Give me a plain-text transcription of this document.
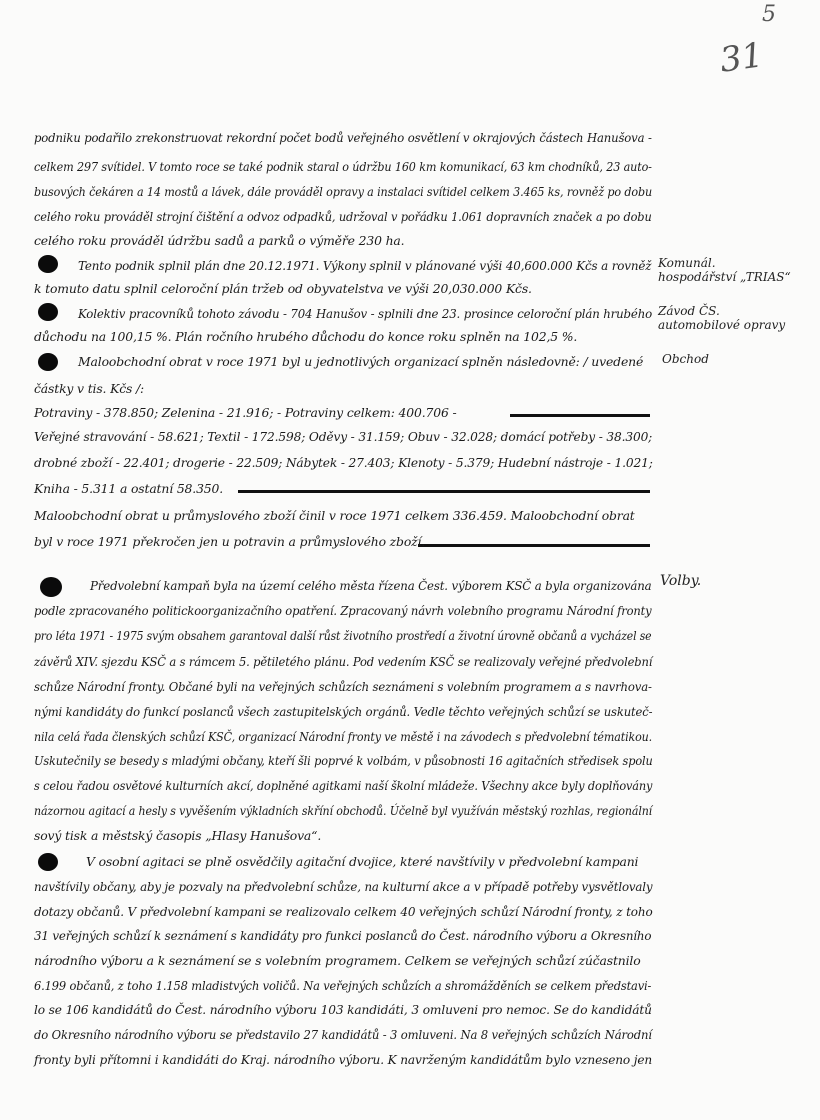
5
31
Komunál.
hospodářství „TRIAS“
Závod ČS.
automobilové opravy
Obchod
Volby.
podniku podařilo zrekonstruovat rekordní počet bodů veřejného osvětlení v okrajových částech Hanušova -
celkem 297 svítidel. V tomto roce se také podnik staral o údržbu 160 km komunikací, 63 km chodníků, 23 auto-
busových čekáren a 14 mostů a lávek, dále prováděl opravy a instalaci svítidel celkem 3.465 ks, rovněž po dobu
celého roku prováděl strojní čištění a odvoz odpadků, udržoval v pořádku 1.061 dopravních značek a po dobu
celého roku prováděl údržbu sadů a parků o výměře 230 ha.
Tento podnik splnil plán dne 20.12.1971. Výkony splnil v plánované výši 40,600.000 Kčs a rovněž
k tomuto datu splnil celoroční plán tržeb od obyvatelstva ve výši 20,030.000 Kčs.
Kolektiv pracovníků tohoto závodu - 704 Hanušov - splnili dne 23. prosince celoroční plán hrubého
důchodu na 100,15 %. Plán ročního hrubého důchodu do konce roku splněn na 102,5 %.
Maloobchodní obrat v roce 1971 byl u jednotlivých organizací splněn následovně: / uvedené
částky v tis. Kčs /:
Potraviny - 378.850; Zelenina - 21.916; - Potraviny celkem: 400.706 -
Veřejné stravování - 58.621; Textil - 172.598; Oděvy - 31.159; Obuv - 32.028; domácí potřeby - 38.300;
drobné zboží - 22.401; drogerie - 22.509; Nábytek - 27.403; Klenoty - 5.379; Hudební nástroje - 1.021;
Kniha - 5.311 a ostatní 58.350.
Maloobchodní obrat u průmyslového zboží činil v roce 1971 celkem 336.459. Maloobchodní obrat
byl v roce 1971 překročen jen u potravin a průmyslového zboží.
Předvolební kampaň byla na území celého města řízena Čest. výborem KSČ a byla organizována
podle zpracovaného politickoorganizačního opatření. Zpracovaný návrh volebního programu Národní fronty
pro léta 1971 - 1975 svým obsahem garantoval další růst životního prostředí a životní úrovně občanů a vycházel se
závěrů XIV. sjezdu KSČ a s rámcem 5. pětiletého plánu. Pod vedením KSČ se realizovaly veřejné předvolební
schůze Národní fronty. Občané byli na veřejných schůzích seznámeni s volebním programem a s navrhova-
nými kandidáty do funkcí poslanců všech zastupitelských orgánů. Vedle těchto veřejných schůzí se uskuteč-
nila celá řada členských schůzí KSČ, organizací Národní fronty ve městě i na závodech s předvolební tématikou.
Uskutečnily se besedy s mladými občany, kteří šli poprvé k volbám, v působnosti 16 agitačních středisek spolu
s celou řadou osvětové kulturních akcí, doplněné agitkami naší školní mládeže. Všechny akce byly doplňovány
názornou agitací a hesly s vyvěšením výkladních skříní obchodů. Účelně byl využíván městský rozhlas, regionální
sový tisk a městský časopis „Hlasy Hanušova“.
V osobní agitaci se plně osvědčily agitační dvojice, které navštívily v předvolební kampani
navštívily občany, aby je pozvaly na předvolební schůze, na kulturní akce a v případě potřeby vysvětlovaly
dotazy občanů. V předvolební kampani se realizovalo celkem 40 veřejných schůzí Národní fronty, z toho
31 veřejných schůzí k seznámení s kandidáty pro funkci poslanců do Čest. národního výboru a Okresního
národního výboru a k seznámení se s volebním programem. Celkem se veřejných schůzí zúčastnilo
6.199 občanů, z toho 1.158 mladistvých voličů. Na veřejných schůzích a shromážděních se celkem představi-
lo se 106 kandidátů do Čest. národního výboru 103 kandidáti, 3 omluveni pro nemoc. Se do kandidátů
do Okresního národního výboru se představilo 27 kandidátů - 3 omluveni. Na 8 veřejných schůzích Národní
fronty byli přítomni i kandidáti do Kraj. národního výboru. K navrženým kandidátům bylo vzneseno jen
